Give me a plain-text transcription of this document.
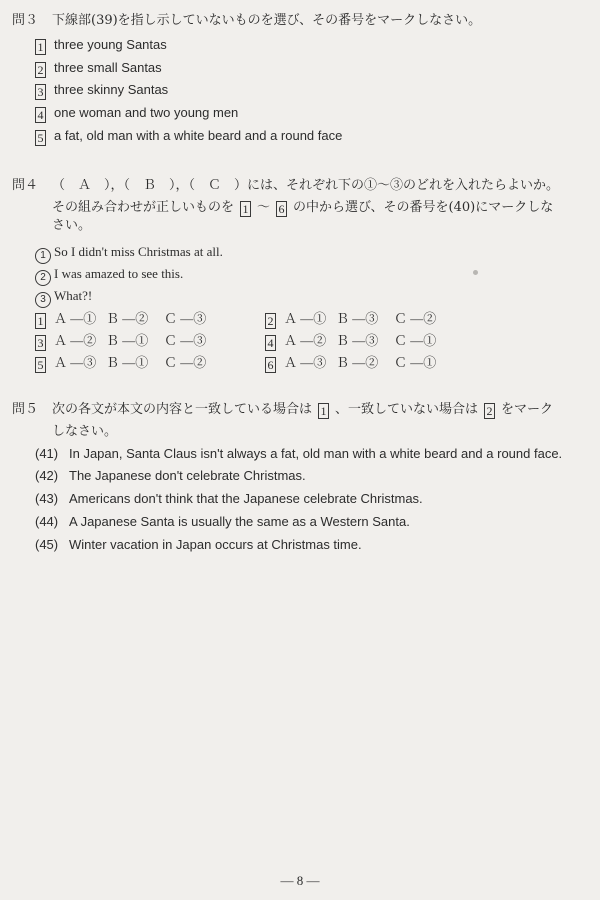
問３ 下線部(39)を指し示していないものを選び、その番号をマークしなさい。
1 three young Santas
2 three small Santas
3 three skinny Santas
4 one woman and two young men
5 a fat, old man with a white beard and a round face
問４ （　Ａ　），（　Ｂ　），（　Ｃ　）には、それぞれ下の①～③のどれを入れたらよいか。
その組み合わせが正しいものを 1 ～ 6 の中から選び、その番号を(40)にマークしな
さい。
1 So I didn't miss Christmas at all.
2 I was amazed to see this.
3 What?!
1 Ａ ―① Ｂ ―② Ｃ ―③	2 Ａ ―① Ｂ ―③ Ｃ ―②
3 Ａ ―② Ｂ ―① Ｃ ―③	4 Ａ ―② Ｂ ―③ Ｃ ―①
5 Ａ ―③ Ｂ ―① Ｃ ―②	6 Ａ ―③ Ｂ ―② Ｃ ―①
問５ 次の各文が本文の内容と一致している場合は 1 、一致していない場合は 2 をマーク
しなさい。
(41) In Japan, Santa Claus isn't always a fat, old man with a white beard and a round face.
(42) The Japanese don't celebrate Christmas.
(43) Americans don't think that the Japanese celebrate Christmas.
(44) A Japanese Santa is usually the same as a Western Santa.
(45) Winter vacation in Japan occurs at Christmas time.
― 8 ―
